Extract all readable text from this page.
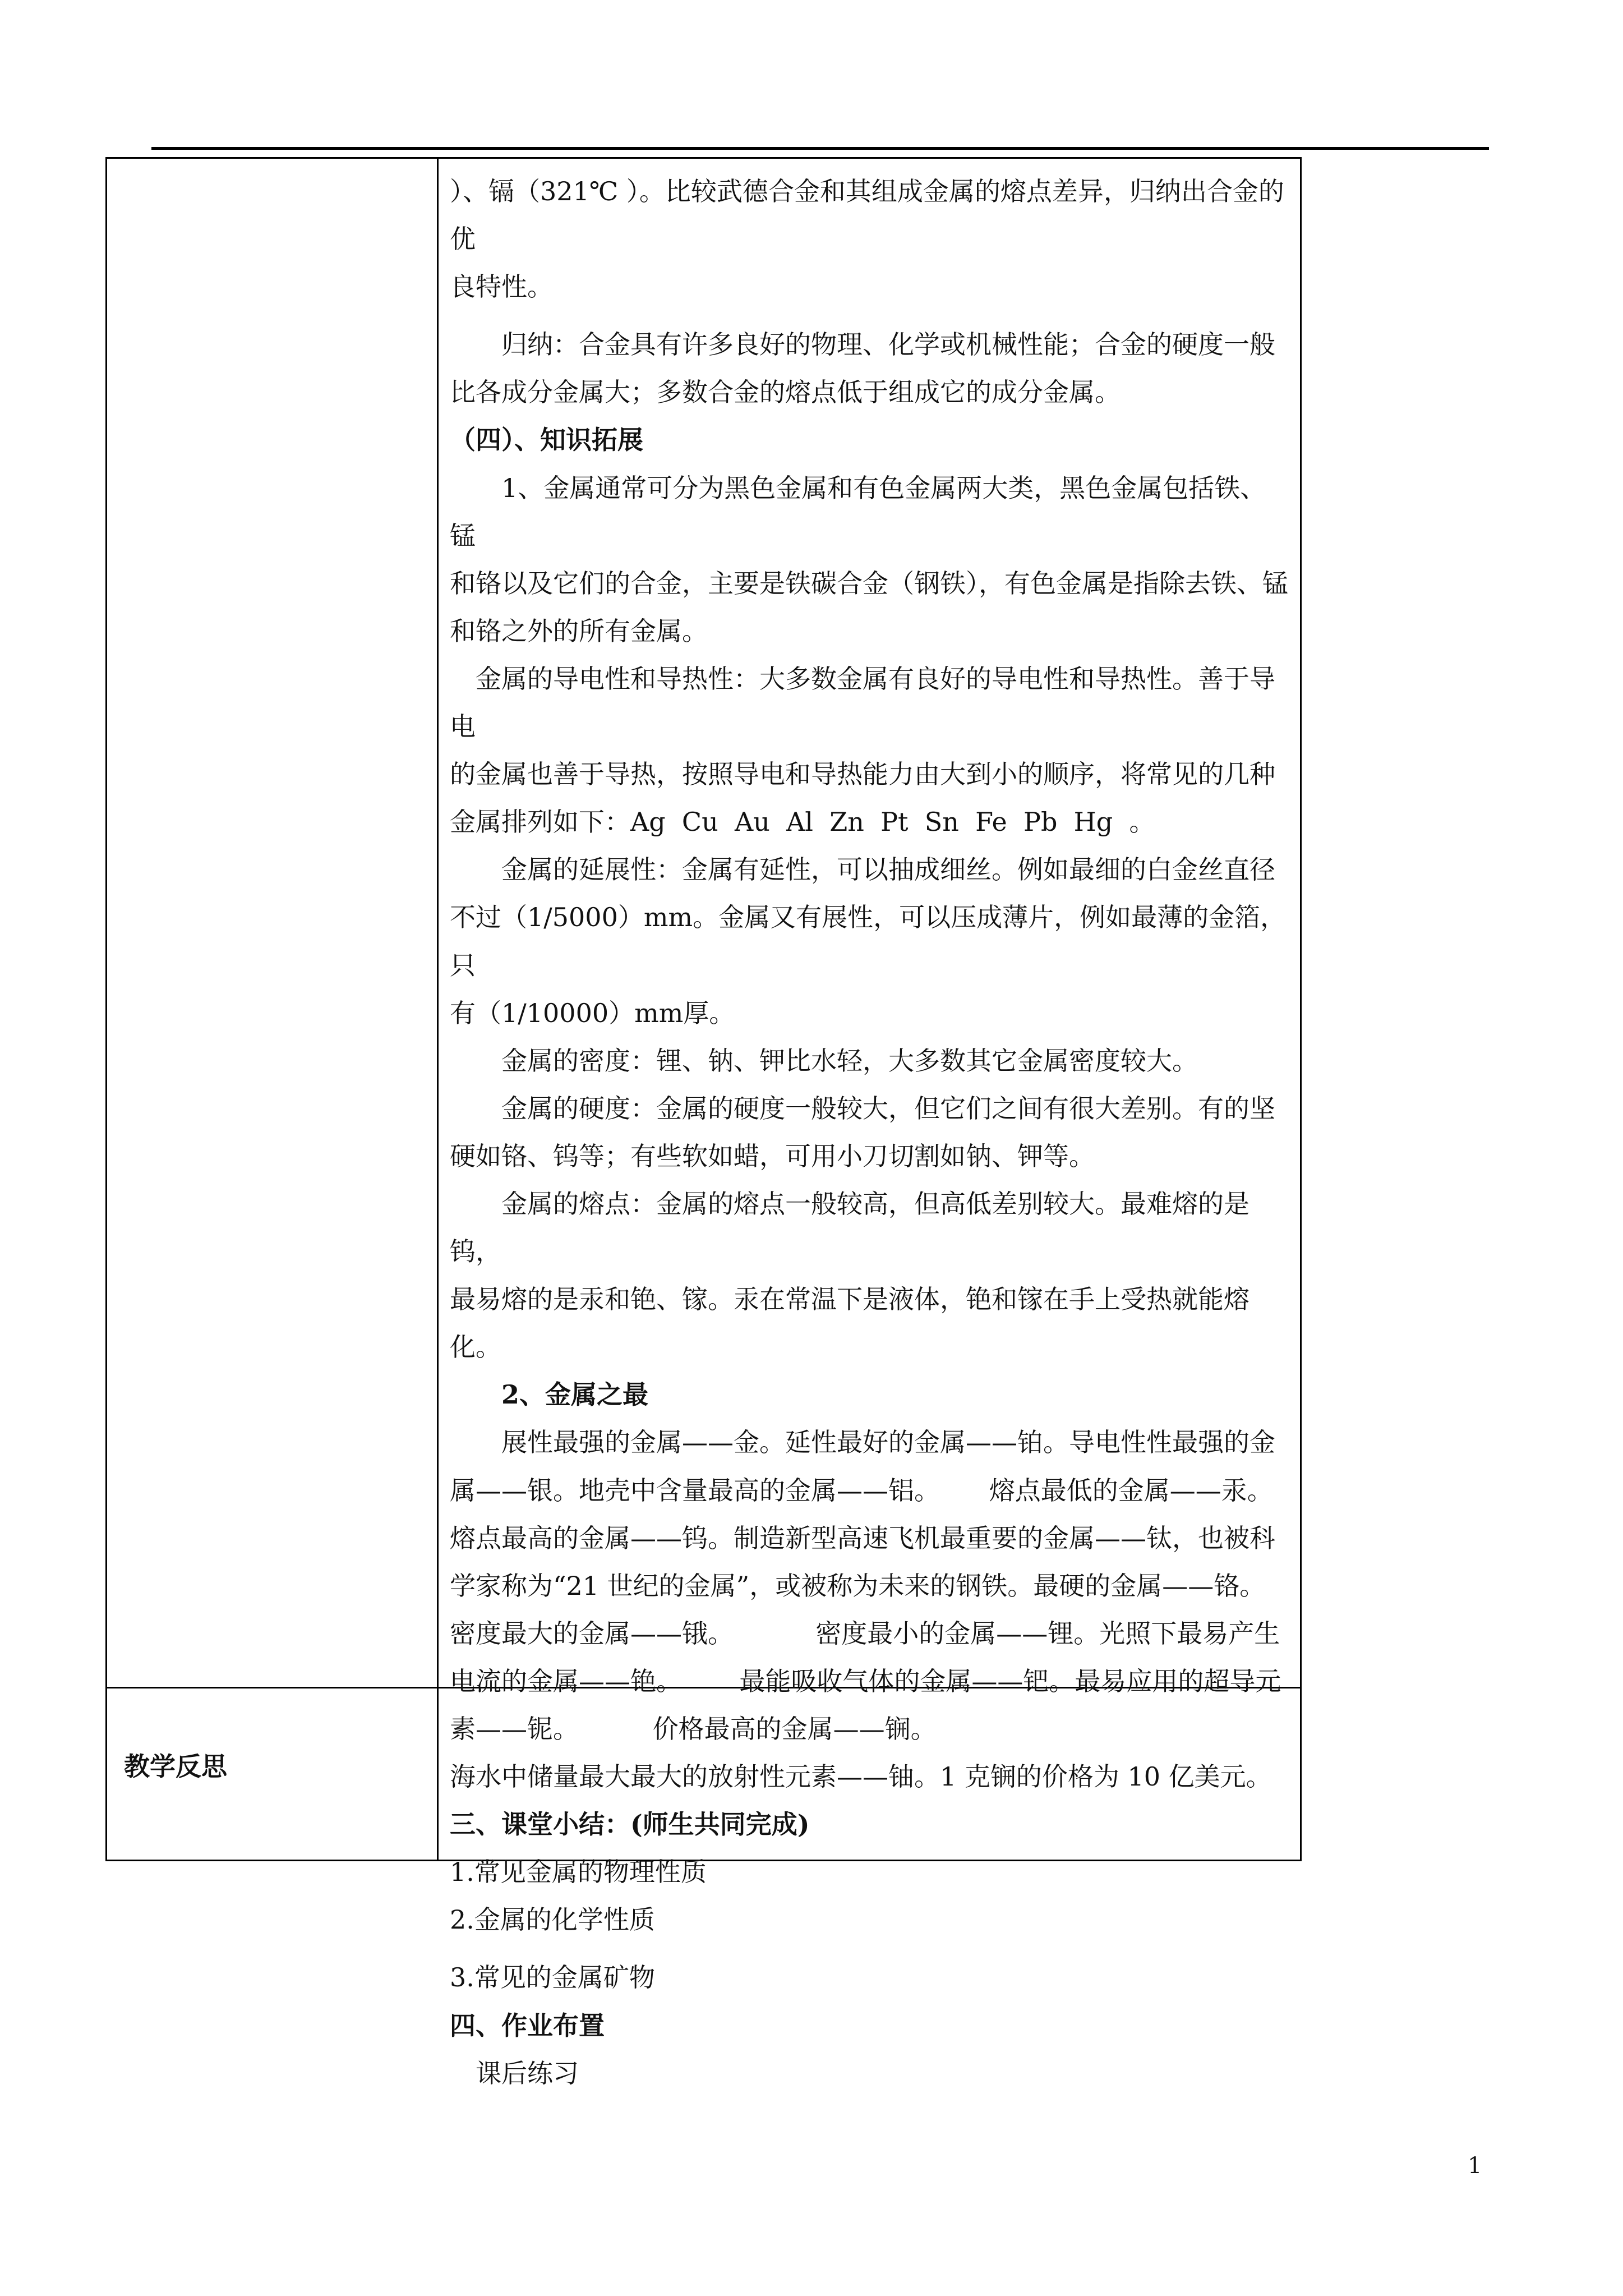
）、镉（321℃ ）。比较武德合金和其组成金属的熔点差异，归纳出合金的优

良特性。

归纳：合金具有许多良好的物理、化学或机械性能；合金的硬度一般

比各成分金属大；多数合金的熔点低于组成它的成分金属。

（四）、知识拓展

1、金属通常可分为黑色金属和有色金属两大类，黑色金属包括铁、锰

和铬以及它们的合金，主要是铁碳合金（钢铁），有色金属是指除去铁、锰

和铬之外的所有金属。

金属的导电性和导热性：大多数金属有良好的导电性和导热性。善于导电

的金属也善于导热，按照导电和导热能力由大到小的顺序，将常见的几种

金属排列如下：Ag  Cu  Au  Al  Zn  Pt  Sn  Fe  Pb  Hg  。

金属的延展性：金属有延性，可以抽成细丝。例如最细的白金丝直径

不过（1/5000）mm。金属又有展性，可以压成薄片，例如最薄的金箔，只

有（1/10000）mm厚。

金属的密度：锂、钠、钾比水轻，大多数其它金属密度较大。

金属的硬度：金属的硬度一般较大，但它们之间有很大差别。有的坚

硬如铬、钨等；有些软如蜡，可用小刀切割如钠、钾等。

金属的熔点：金属的熔点一般较高，但高低差别较大。最难熔的是钨，

最易熔的是汞和铯、镓。汞在常温下是液体，铯和镓在手上受热就能熔化。

2、金属之最

展性最强的金属——金。延性最好的金属——铂。导电性性最强的金

属——银。地壳中含量最高的金属——铝。      熔点最低的金属——汞。

熔点最高的金属——钨。制造新型高速飞机最重要的金属——钛，也被科

学家称为“21 世纪的金属”，或被称为未来的钢铁。最硬的金属——铬。

密度最大的金属——锇。          密度最小的金属——锂。光照下最易产生

电流的金属——铯。       最能吸收气体的金属——钯。最易应用的超导元

素——铌。         价格最高的金属——锎。

海水中储量最大最大的放射性元素——铀。1 克锎的价格为 10 亿美元。

三、课堂小结：(师生共同完成)

1.常见金属的物理性质

2.金属的化学性质

3.常见的金属矿物

四、作业布置

课后练习

教学反思
1
